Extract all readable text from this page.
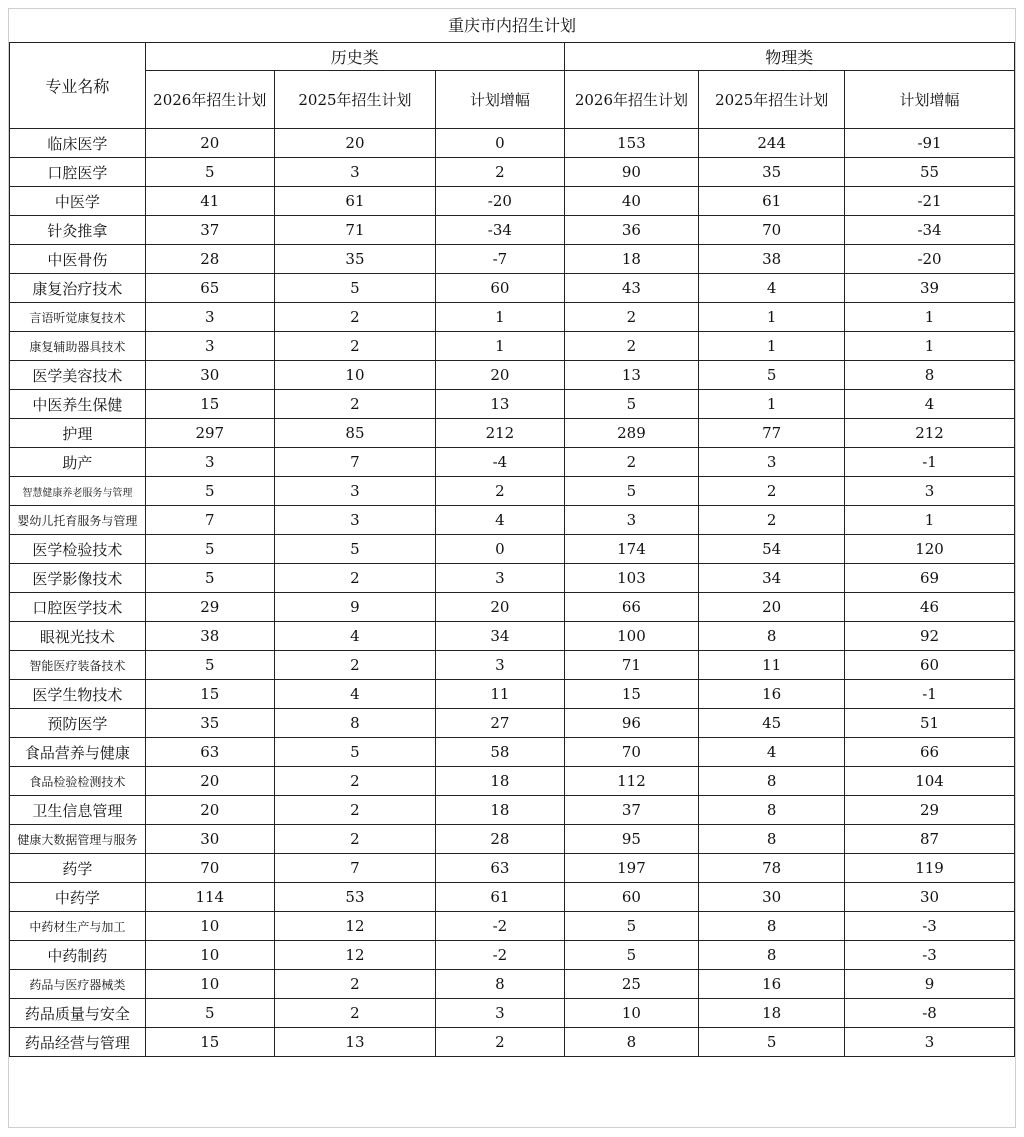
重庆市内招生计划
专业名称	历史类			物理类		
	2026年招生计划	2025年招生计划	计划增幅	2026年招生计划	2025年招生计划	计划增幅
临床医学	20	20	0	153	244	-91
口腔医学	5	3	2	90	35	55
中医学	41	61	-20	40	61	-21
针灸推拿	37	71	-34	36	70	-34
中医骨伤	28	35	-7	18	38	-20
康复治疗技术	65	5	60	43	4	39
言语听觉康复技术	3	2	1	2	1	1
康复辅助器具技术	3	2	1	2	1	1
医学美容技术	30	10	20	13	5	8
中医养生保健	15	2	13	5	1	4
护理	297	85	212	289	77	212
助产	3	7	-4	2	3	-1
智慧健康养老服务与管理	5	3	2	5	2	3
婴幼儿托育服务与管理	7	3	4	3	2	1
医学检验技术	5	5	0	174	54	120
医学影像技术	5	2	3	103	34	69
口腔医学技术	29	9	20	66	20	46
眼视光技术	38	4	34	100	8	92
智能医疗装备技术	5	2	3	71	11	60
医学生物技术	15	4	11	15	16	-1
预防医学	35	8	27	96	45	51
食品营养与健康	63	5	58	70	4	66
食品检验检测技术	20	2	18	112	8	104
卫生信息管理	20	2	18	37	8	29
健康大数据管理与服务	30	2	28	95	8	87
药学	70	7	63	197	78	119
中药学	114	53	61	60	30	30
中药材生产与加工	10	12	-2	5	8	-3
中药制药	10	12	-2	5	8	-3
药品与医疗器械类	10	2	8	25	16	9
药品质量与安全	5	2	3	10	18	-8
药品经营与管理	15	13	2	8	5	3
